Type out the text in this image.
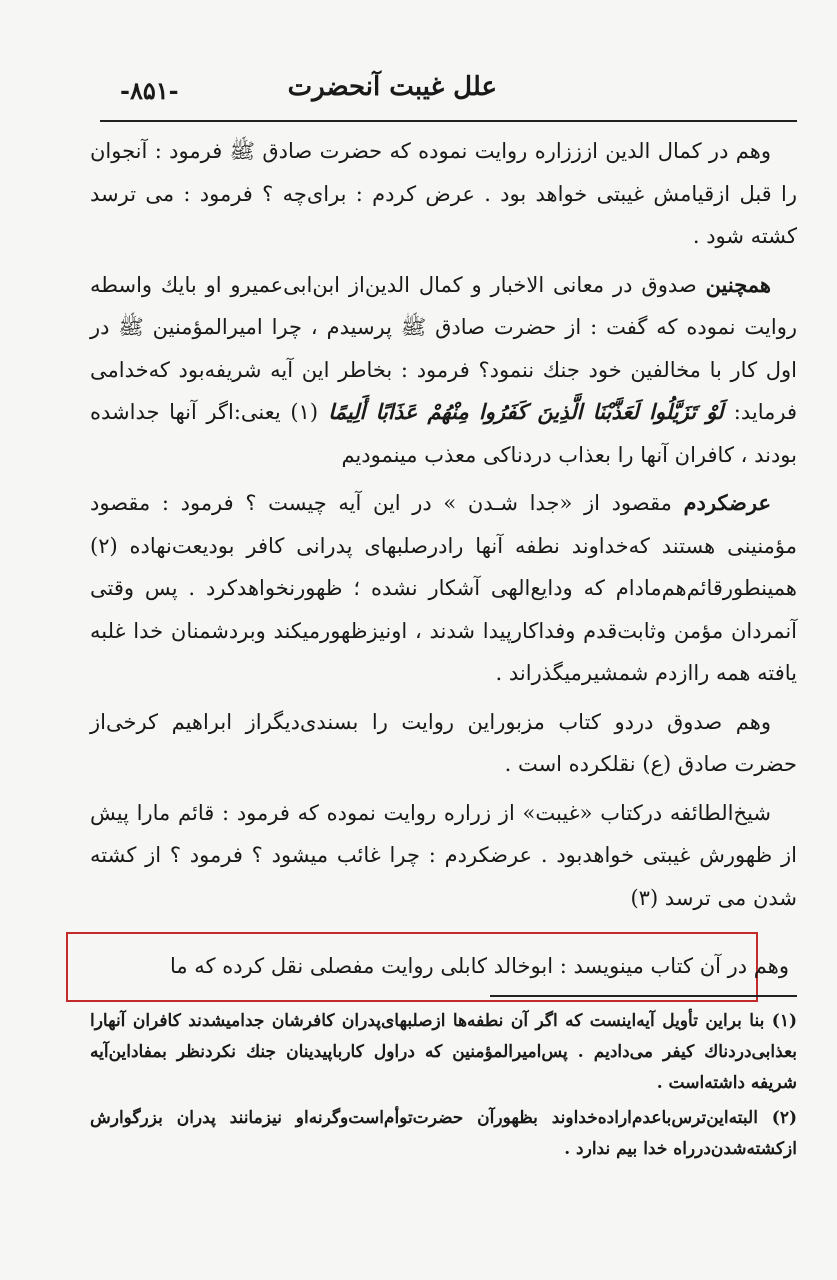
علل غیبت آنحضرت
-۸۵۱-

وهم در کمال الدین ازززاره روایت نموده که حضرت صادق ﷺ فرمود : آنجوان را قبل ازقیامش غیبتی خواهد بود . عرض کردم : برای‌چه ؟ فرمود : می ترسد کشته شود .

همچنین صدوق در معانی الاخبار و کمال الدین‌از ابن‌ابی‌عمیرو او بایك واسطه روایت نموده که گفت : از حضرت صادق ﷺ پرسیدم ، چرا امیرالمؤمنین ﷺ در اول کار با مخالفین خود جنك ننمود؟ فرمود : بخاطر این آیه شریفه‌بود که‌خدامی فرماید: لَوْ تَزَيَّلُوا لَعَذَّبْنَا الَّذِينَ كَفَرُوا مِنْهُمْ عَذَابًا أَلِيمًا (۱) یعنی:اگر آنها جداشده بودند ، کافران آنها را بعذاب دردناکی معذب مینمودیم

عرضکردم مقصود از «جدا شـدن » در این آیه چیست ؟ فرمود : مقصود مؤمنینی هستند که‌خداوند نطفه آنها رادرصلبهای پدرانی کافر بودیعت‌نهاده (۲) همینطورقائم‌هم‌مادام که ودایع‌الهی آشکار نشده ؛ ظهورنخواهد‌کرد . پس وقتی آنمردان مؤمن وثابت‌قدم وفداکارپیدا شدند ، اونیزظهورمیکند وبردشمنان خدا غلبه یافته همه راازدم شمشیرمیگذراند .

وهم صدوق دردو کتاب مزبوراین روایت را بسندی‌دیگراز ابراهیم کرخی‌از حضرت صادق (ع) نقلکرده است .

شیخ‌الطائفه درکتاب «غیبت» از زراره روایت نموده که فرمود : قائم مارا پیش از ظهورش غیبتی خواهدبود . عرضکردم : چرا غائب میشود ؟ فرمود ؟ از کشته شدن می ترسد (۳)

وهم در آن کتاب مینویسد : ابوخالد کابلی روایت مفصلی نقل کرده که ما

(۱) بنا براین تأویل آیه‌اینست که اگر آن نطفه‌ها ازصلبهای‌پدران کافرشان جدامیشدند کافران آنهارا بعذابی‌دردناك کیفر می‌دادیم . پس‌امیرالمؤمنین که دراول کارباپیدینان جنك نکردنظر بمفاداین‌آیه شریفه داشته‌است .

(۲) البته‌این‌ترس‌باعدم‌اراده‌خداوند بظهورآن حضرت‌توأم‌است‌وگرنه‌او نیزمانند پدران بزرگوارش ازکشته‌شدن‌درراه خدا بیم ندارد .
